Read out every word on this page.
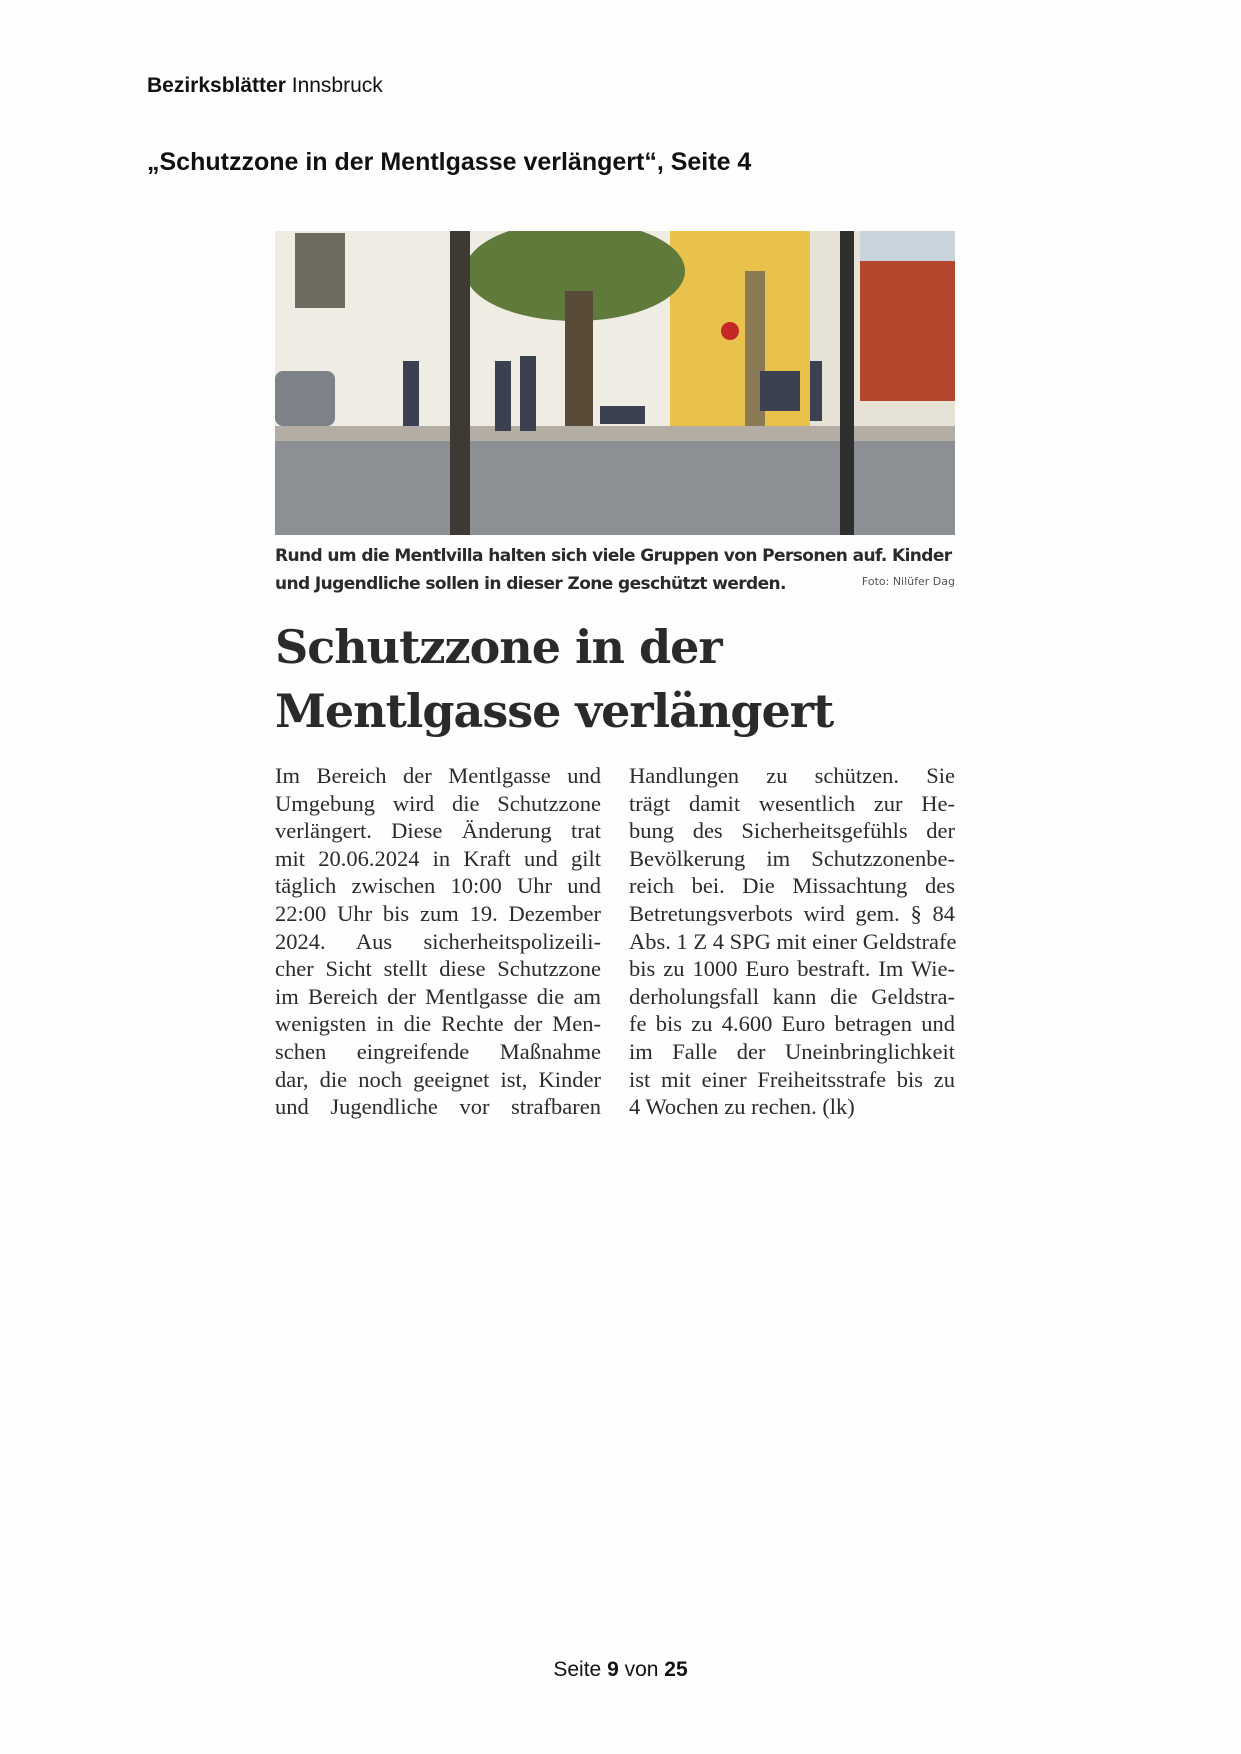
Bezirksblätter Innsbruck
„Schutzzone in der Mentlgasse verlängert“, Seite 4
Rund um die Mentlvilla halten sich viele Gruppen von Personen auf. Kinder und Jugendliche sollen in dieser Zone geschützt werden.	Foto: Nilüfer Dag
Schutzzone in der
Mentlgasse verlängert
Im Bereich der Mentlgasse und
Umgebung wird die Schutzzone
verlängert. Diese Änderung trat
mit 20.06.2024 in Kraft und gilt
täglich zwischen 10:00 Uhr und
22:00 Uhr bis zum 19. Dezember
2024. Aus sicherheitspolizeili-
cher Sicht stellt diese Schutzzone
im Bereich der Mentlgasse die am
wenigsten in die Rechte der Men-
schen eingreifende Maßnahme
dar, die noch geeignet ist, Kinder
und Jugendliche vor strafbaren
Handlungen zu schützen. Sie
trägt damit wesentlich zur He-
bung des Sicherheitsgefühls der
Bevölkerung im Schutzzonenbe-
reich bei. Die Missachtung des
Betretungsverbots wird gem. § 84
Abs. 1 Z 4 SPG mit einer Geldstrafe
bis zu 1000 Euro bestraft. Im Wie-
derholungsfall kann die Geldstra-
fe bis zu 4.600 Euro betragen und
im Falle der Uneinbringlichkeit
ist mit einer Freiheitsstrafe bis zu
4 Wochen zu rechen. (lk)
Seite 9 von 25
